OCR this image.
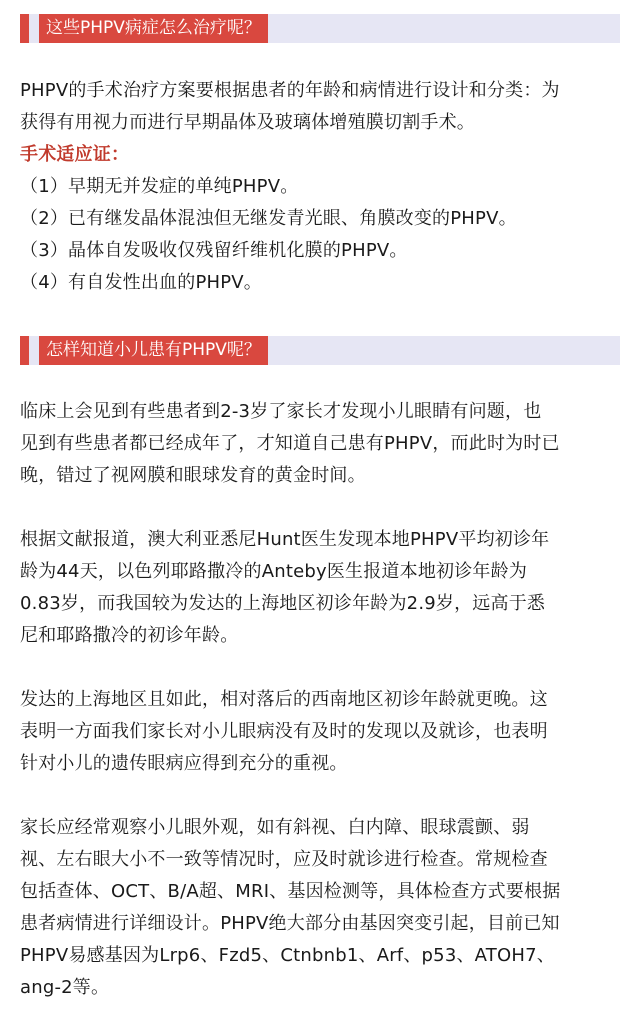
这些PHPV病症怎么治疗呢？

PHPV的手术治疗方案要根据患者的年龄和病情进行设计和分类：为
获得有用视力而进行早期晶体及玻璃体增殖膜切割手术。

手术适应证：
（1）早期无并发症的单纯PHPV。
（2）已有继发晶体混浊但无继发青光眼、角膜改变的PHPV。
（3）晶体自发吸收仅残留纤维机化膜的PHPV。
（4）有自发性出血的PHPV。

怎样知道小儿患有PHPV呢？

临床上会见到有些患者到2-3岁了家长才发现小儿眼睛有问题，也
见到有些患者都已经成年了，才知道自己患有PHPV，而此时为时已
晚，错过了视网膜和眼球发育的黄金时间。

根据文献报道，澳大利亚悉尼Hunt医生发现本地PHPV平均初诊年
龄为44天，以色列耶路撒冷的Anteby医生报道本地初诊年龄为
0.83岁，而我国较为发达的上海地区初诊年龄为2.9岁，远高于悉
尼和耶路撒冷的初诊年龄。

发达的上海地区且如此，相对落后的西南地区初诊年龄就更晚。这
表明一方面我们家长对小儿眼病没有及时的发现以及就诊，也表明
针对小儿的遗传眼病应得到充分的重视。

家长应经常观察小儿眼外观，如有斜视、白内障、眼球震颤、弱
视、左右眼大小不一致等情况时，应及时就诊进行检查。常规检查
包括查体、OCT、B/A超、MRI、基因检测等，具体检查方式要根据
患者病情进行详细设计。PHPV绝大部分由基因突变引起，目前已知
PHPV易感基因为Lrp6、Fzd5、Ctnbnb1、Arf、p53、ATOH7、
ang-2等。
